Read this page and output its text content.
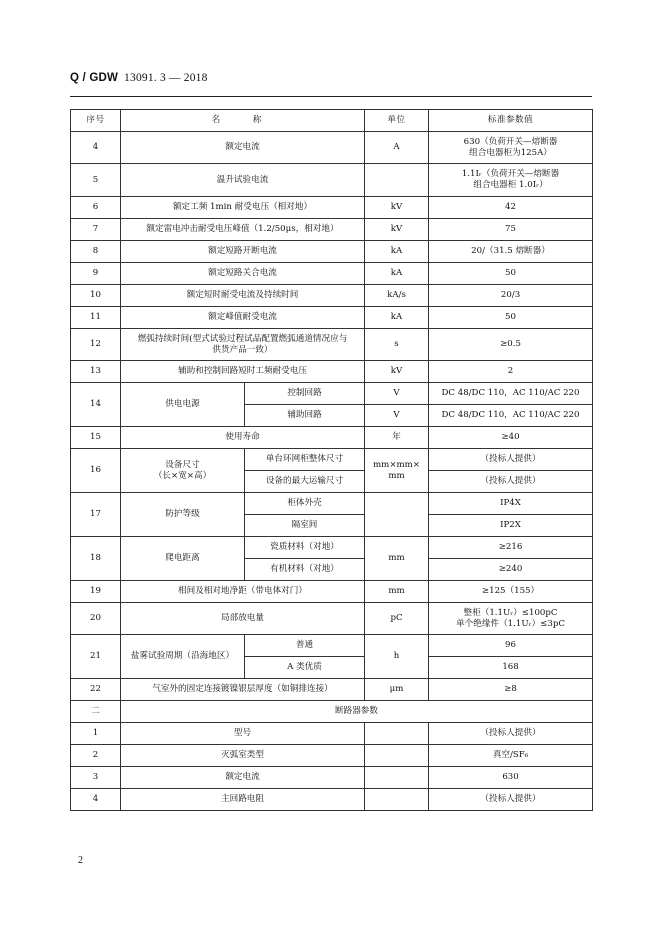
Q / GDW 13091. 3 — 2018
序号	名　称		单位	标准参数值
4	额定电流		A	630（负荷开关—熔断器
组合电器柜为125A）

5	温升试验电流			1.1Iᵣ（负荷开关—熔断器
组合电器柜 1.0Iᵣ）

6	额定工频 1min 耐受电压（相对地）		kV	42
7	额定雷电冲击耐受电压峰值（1.2/50μs，相对地）		kV	75
8	额定短路开断电流		kA	20/（31.5 熔断器）
9	额定短路关合电流		kA	50
10	额定短时耐受电流及持续时间		kA/s	20/3
11	额定峰值耐受电流		kA	50
12	燃弧持续时间(型式试验过程试品配置燃弧通道情况应与
供货产品一致）		s	≥0.5
13	辅助和控制回路短时工频耐受电压		kV	2
14	供电电源	控制回路	V	DC 48/DC 110，AC 110/AC 220
		辅助回路	V	DC 48/DC 110，AC 110/AC 220
15	使用寿命		年	≥40
16	设备尺寸
（长×宽×高）	单台环网柜整体尺寸	mm×mm×
mm	（投标人提供）
		设备的最大运输尺寸		（投标人提供）
17	防护等级	柜体外壳		IP4X
		隔室间		IP2X
18	爬电距离	瓷质材料（对地）	mm	≥216
		有机材料（对地）		≥240
19	相间及相对地净距（带电体对门）		mm	≥125（155）
20	局部放电量		pC	整柜（1.1Uᵣ）≤100pC
单个绝缘件（1.1Uᵣ）≤3pC

21	盐雾试验周期（沿海地区）	普通	h	96
		A 类优质		168
22	气室外的固定连接镀镍银层厚度（如铜排连接）		μm	≥8
二	断路器参数			
1	型号			（投标人提供）
2	灭弧室类型			真空/SF₆
3	额定电流			630
4	主回路电阻			（投标人提供）
2
